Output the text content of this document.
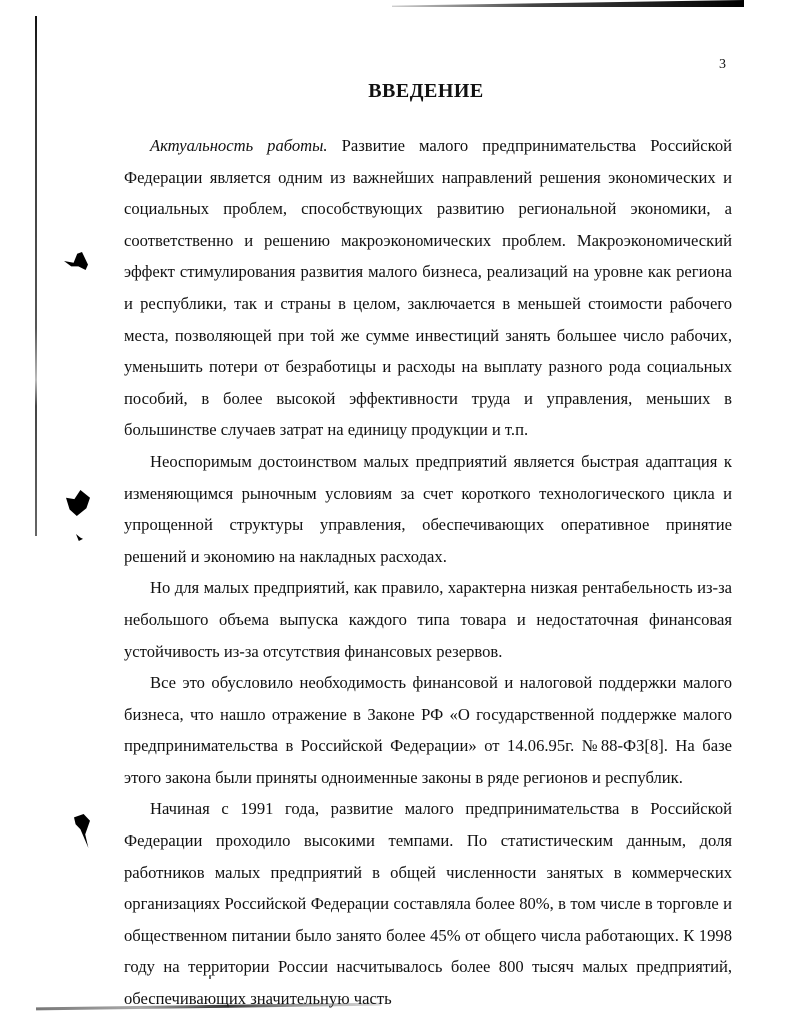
3
ВВЕДЕНИЕ

Актуальность работы. Развитие малого предпринимательства Российской Федерации является одним из важнейших направлений решения экономических и социальных проблем, способствующих развитию региональной экономики, а соответственно и решению макроэкономических проблем. Макроэкономический эффект стимулирования развития малого бизнеса, реализаций на уровне как региона и республики, так и страны в целом, заключается в меньшей стоимости рабочего места, позволяющей при той же сумме инвестиций занять большее число рабочих, уменьшить потери от безработицы и расходы на выплату разного рода социальных пособий, в более высокой эффективности труда и управления, меньших в большинстве случаев затрат на единицу продукции и т.п.

Неоспоримым достоинством малых предприятий является быстрая адаптация к изменяющимся рыночным условиям за счет короткого технологического цикла и упрощенной структуры управления, обеспечивающих оперативное принятие решений и экономию на накладных расходах.

Но для малых предприятий, как правило, характерна низкая рентабельность из-за небольшого объема выпуска каждого типа товара и недостаточная финансовая устойчивость из-за отсутствия финансовых резервов.

Все это обусловило необходимость финансовой и налоговой поддержки малого бизнеса, что нашло отражение в Законе РФ «О государственной поддержке малого предпринимательства в Российской Федерации» от 14.06.95г. №88-ФЗ[8]. На базе этого закона были приняты одноименные законы в ряде регионов и республик.

Начиная с 1991 года, развитие малого предпринимательства в Российской Федерации проходило высокими темпами. По статистическим данным, доля работников малых предприятий в общей численности занятых в коммерческих организациях Российской Федерации составляла более 80%, в том числе в торговле и общественном питании было занято более 45% от общего числа работающих. К 1998 году на территории России насчитывалось более 800 тысяч малых предприятий, обеспечивающих значительную часть
